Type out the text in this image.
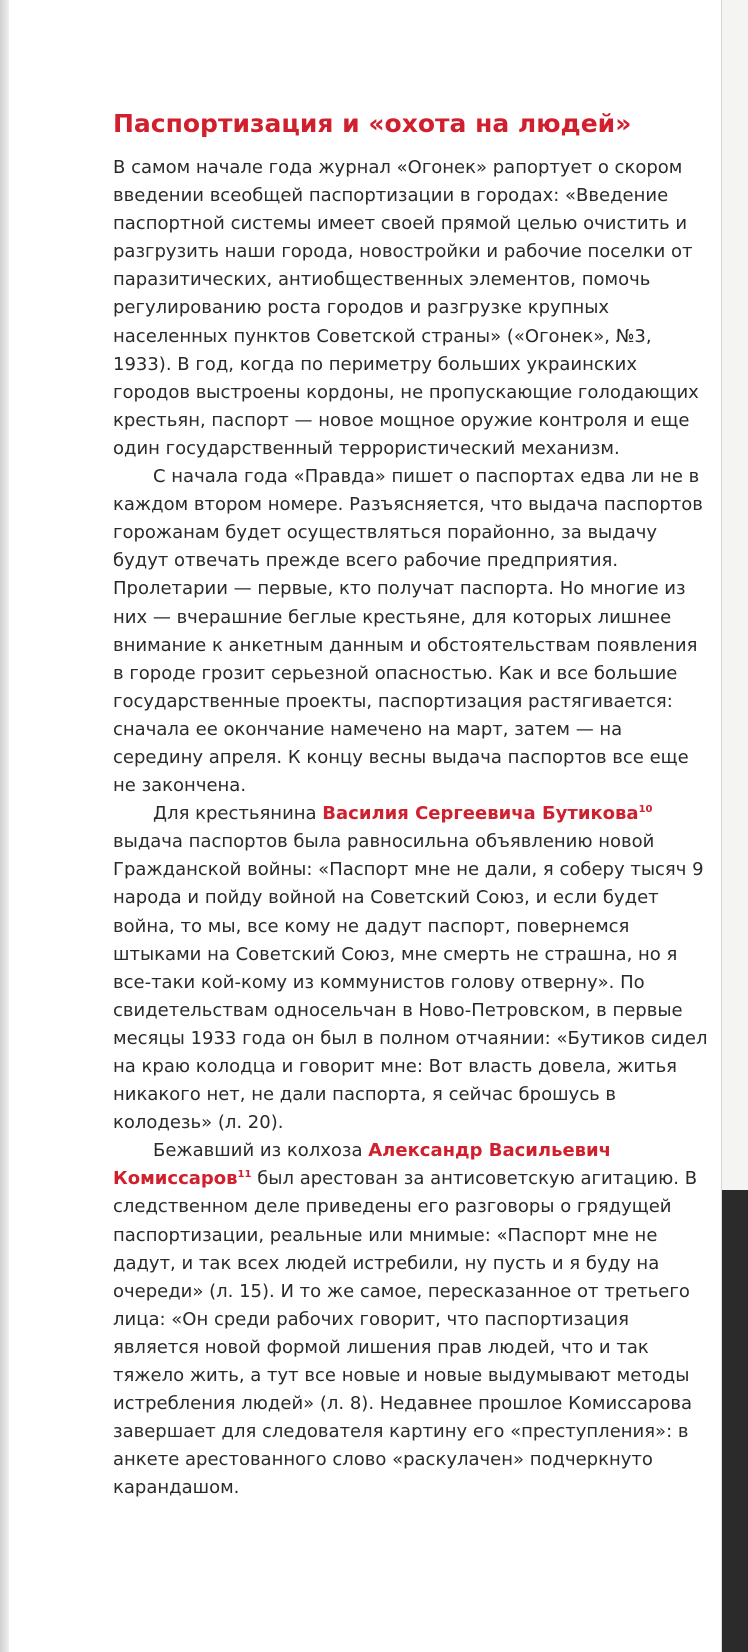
Паспортизация и «охота на людей»

В самом начале года журнал «Огонек» рапортует о скором введении всеобщей паспортизации в городах: «Введение паспортной системы имеет своей прямой целью очистить и разгрузить наши города, новостройки и рабочие поселки от паразитических, антиобщественных элементов, помочь регулированию роста городов и разгрузке крупных населенных пунктов Советской страны» («Огонек», №3, 1933). В год, когда по периметру больших украинских городов выстроены кордоны, не пропускающие голодающих крестьян, паспорт — новое мощное оружие контроля и еще один государственный террористический механизм.

С начала года «Правда» пишет о паспортах едва ли не в каждом втором номере. Разъясняется, что выдача паспортов горожанам будет осуществляться порайонно, за выдачу будут отвечать прежде всего рабочие предприятия. Пролетарии — первые, кто получат паспорта. Но многие из них — вчерашние беглые крестьяне, для которых лишнее внимание к анкетным данным и обстоятельствам появления в городе грозит серьезной опасностью. Как и все большие государственные проекты, паспортизация растягивается: сначала ее окончание намечено на март, затем — на середину апреля. К концу весны выдача паспортов все еще не закончена.

Для крестьянина Василия Сергеевича Бутикова$^{10}$ выдача паспортов была равносильна объявлению новой Гражданской войны: «Паспорт мне не дали, я соберу тысяч 9 народа и пойду войной на Советский Союз, и если будет война, то мы, все кому не дадут паспорт, повернемся штыками на Советский Союз, мне смерть не страшна, но я все-таки кой-кому из коммунистов голову отверну». По свидетельствам односельчан в Ново-Петровском, в первые месяцы 1933 года он был в полном отчаянии: «Бутиков сидел на краю колодца и говорит мне: Вот власть довела, житья никакого нет, не дали паспорта, я сейчас брошусь в колодезь» (л. 20).

Бежавший из колхоза Александр Васильевич Комиссаров$^{11}$ был арестован за антисоветскую агитацию. В следственном деле приведены его разговоры о грядущей паспортизации, реальные или мнимые: «Паспорт мне не дадут, и так всех людей истребили, ну пусть и я буду на очереди» (л. 15). И то же самое, пересказанное от третьего лица: «Он среди рабочих говорит, что паспортизация является новой формой лишения прав людей, что и так тяжело жить, а тут все новые и новые выдумывают методы истребления людей» (л. 8). Недавнее прошлое Комиссарова завершает для следователя картину его «преступления»: в анкете арестованного слово «раскулачен» подчеркнуто карандашом.
